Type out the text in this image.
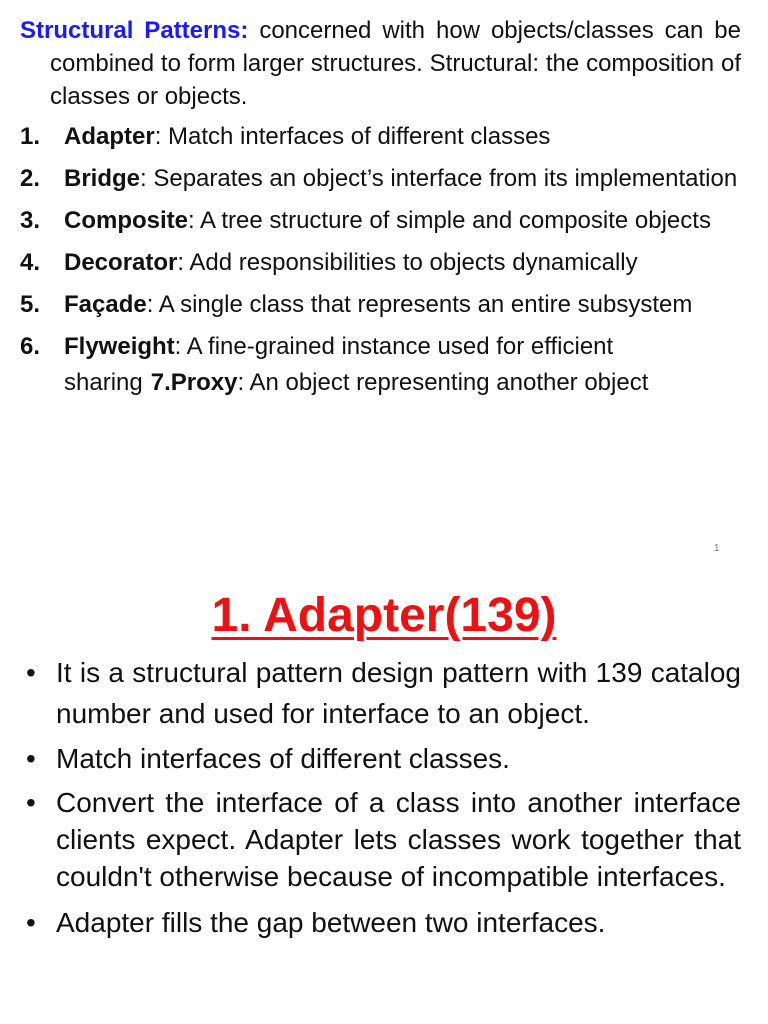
Structural Patterns: concerned with how objects/classes can be combined to form larger structures. Structural: the composition of classes or objects.

1. Adapter: Match interfaces of different classes
2. Bridge: Separates an object’s interface from its implementation
3. Composite: A tree structure of simple and composite objects
4. Decorator: Add responsibilities to objects dynamically
5. Façade: A single class that represents an entire subsystem
6. Flyweight: A fine-grained instance used for efficient sharing 7.Proxy: An object representing another object
1
1. Adapter(139)
• It is a structural pattern design pattern with 139 catalog number and used for interface to an object.
• Match interfaces of different classes.
• Convert the interface of a class into another interface clients expect. Adapter lets classes work together that couldn't otherwise because of incompatible interfaces.
• Adapter fills the gap between two interfaces.
